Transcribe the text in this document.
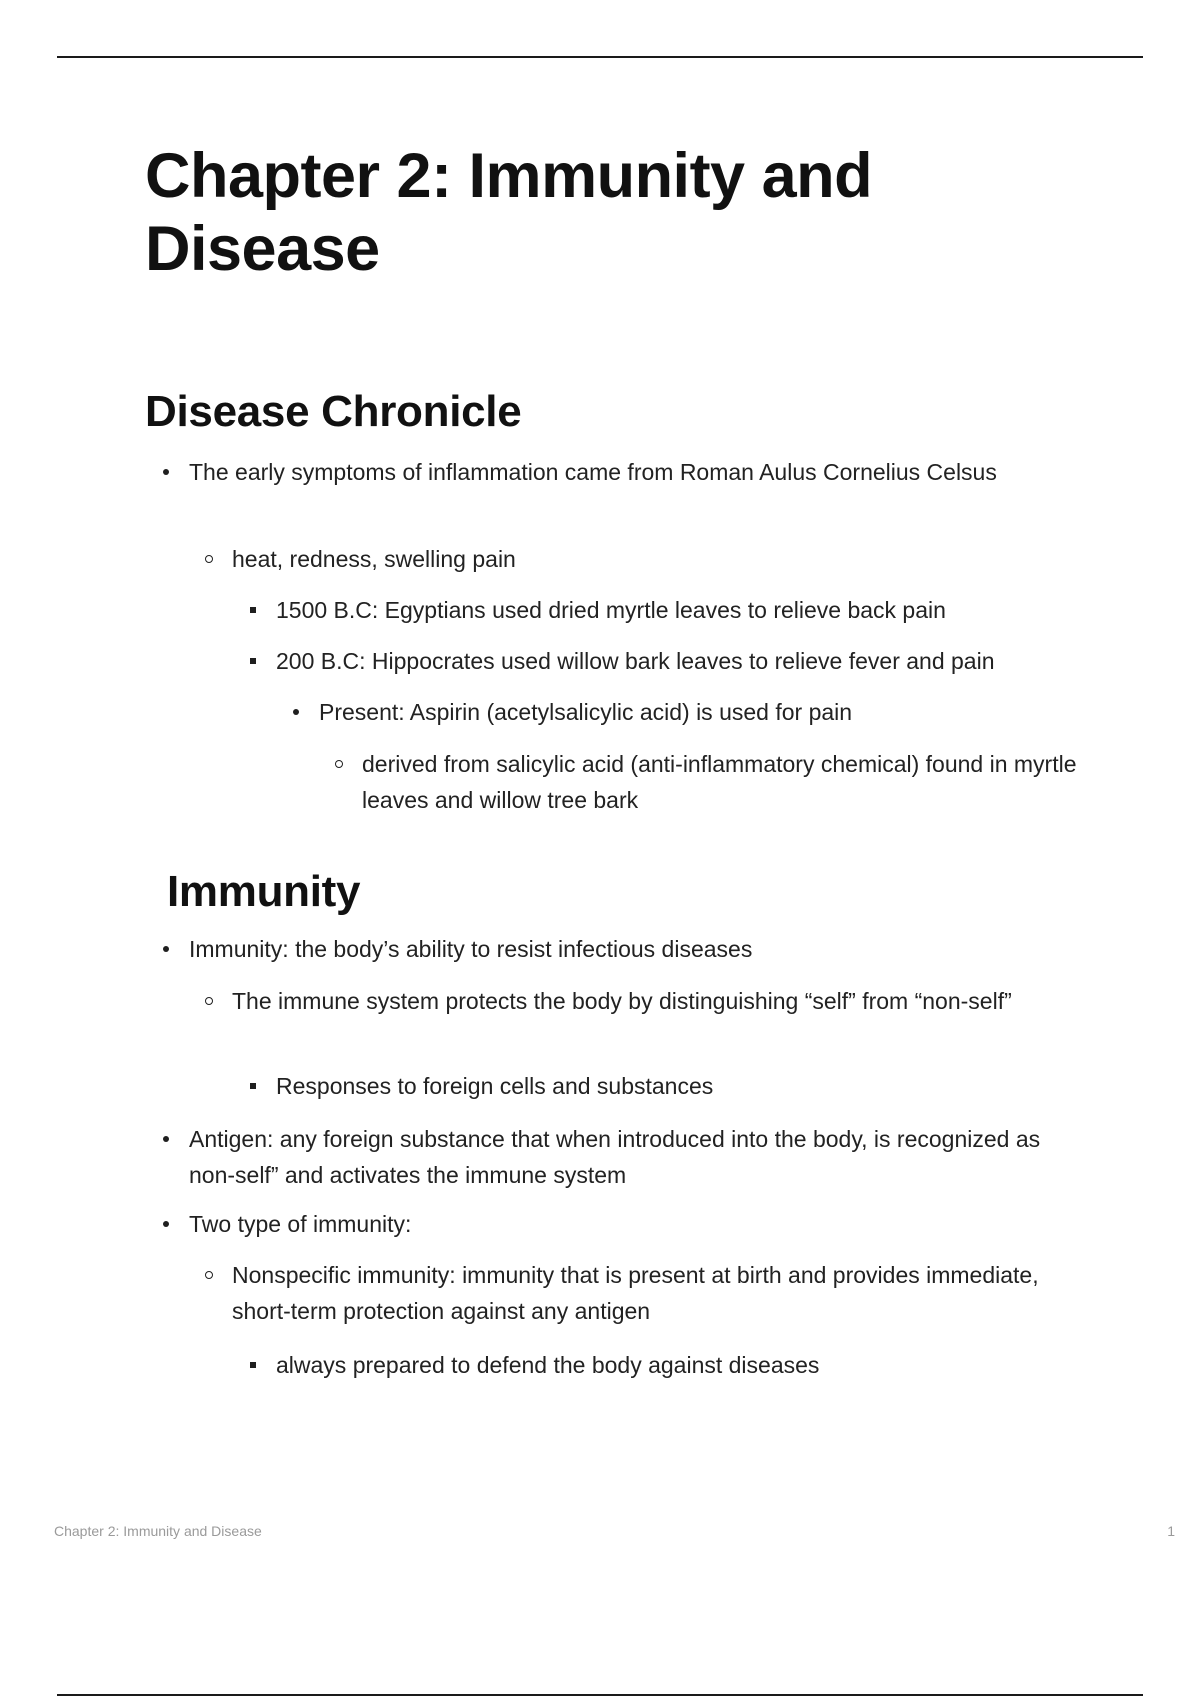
Chapter 2: Immunity and Disease
Disease Chronicle
The early symptoms of inflammation came from Roman Aulus Cornelius Celsus
heat, redness, swelling pain
1500 B.C: Egyptians used dried myrtle leaves to relieve back pain
200 B.C: Hippocrates used willow bark leaves to relieve fever and pain
Present: Aspirin (acetylsalicylic acid) is used for pain
derived from salicylic acid (anti-inflammatory chemical) found in myrtle leaves and willow tree bark
Immunity
Immunity: the body’s ability to resist infectious diseases
The immune system protects the body by distinguishing “self” from “non-self”
Responses to foreign cells and substances
Antigen: any foreign substance that when introduced into the body, is recognized as non-self” and activates the immune system
Two type of immunity:
Nonspecific immunity: immunity that is present at birth and provides immediate, short-term protection against any antigen
always prepared to defend the body against diseases
Chapter 2: Immunity and Disease	1
